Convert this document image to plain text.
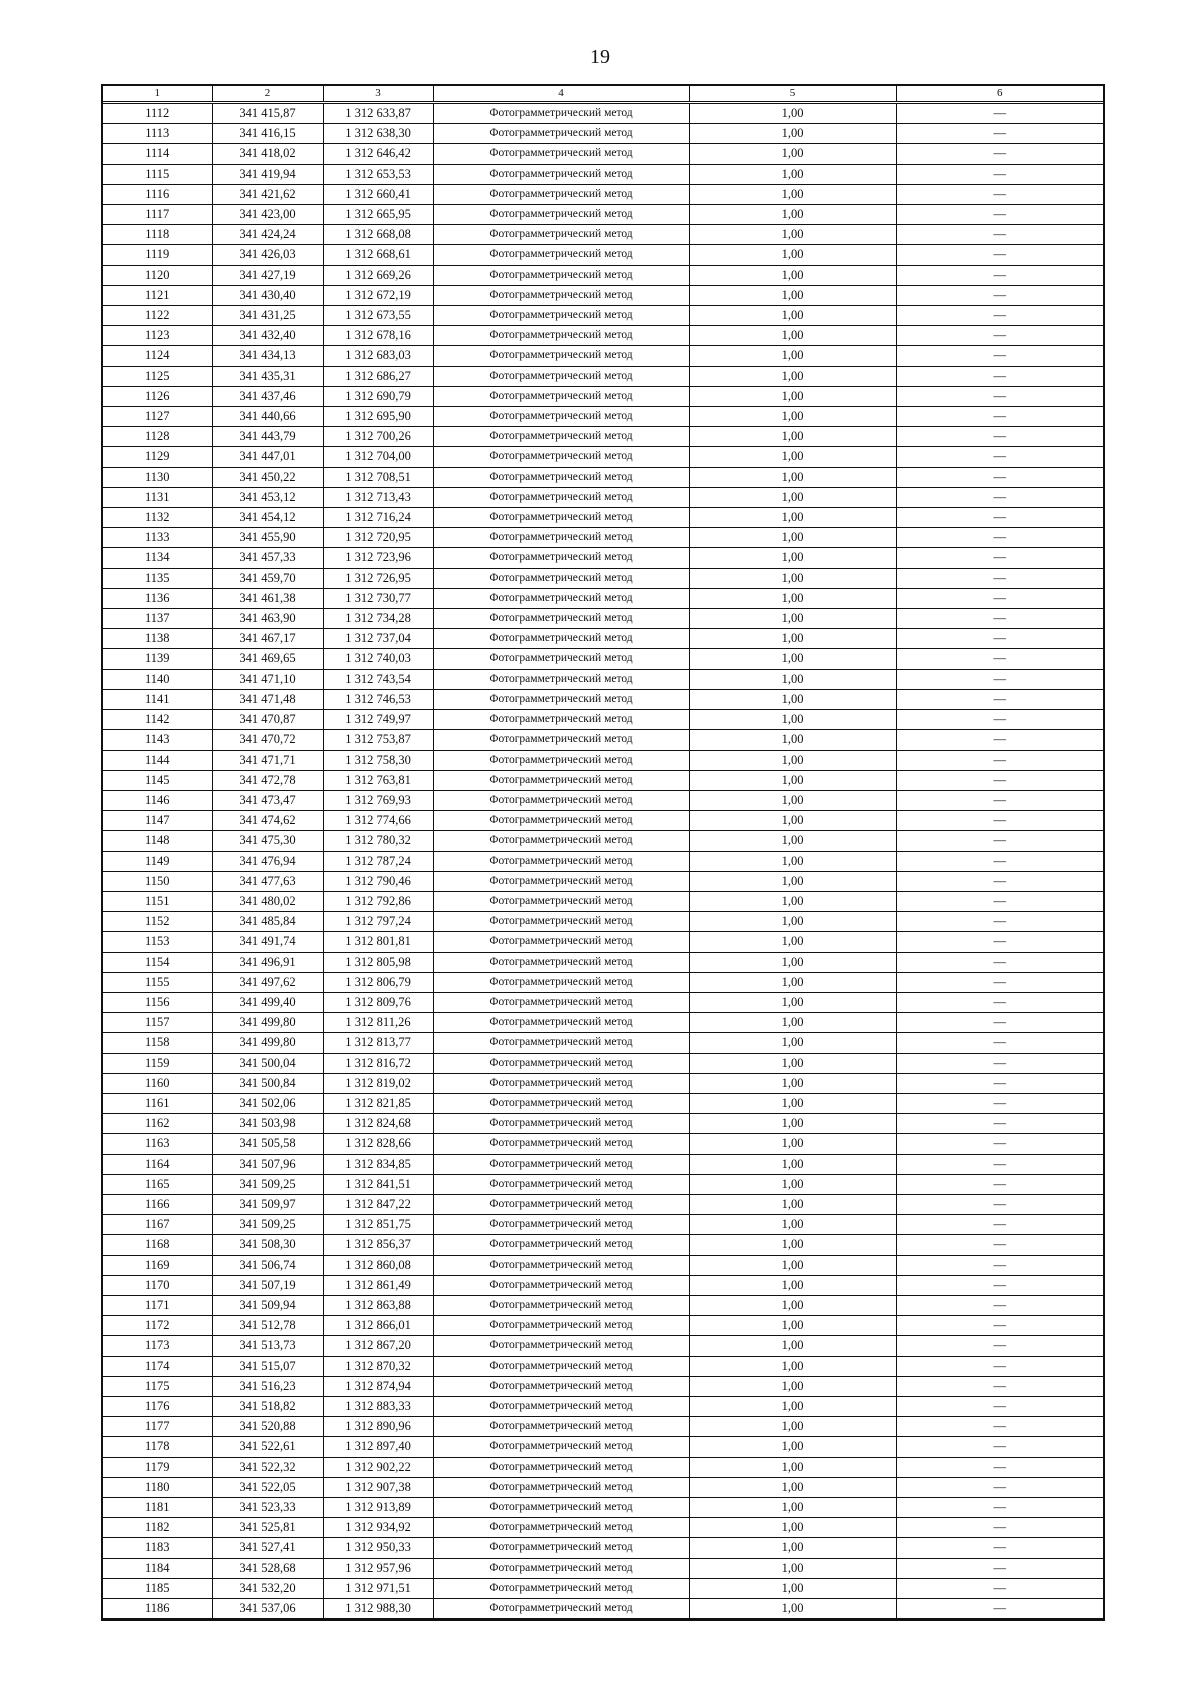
19
1	2	3	4	5	6
1112	341 415,87	1 312 633,87	Фотограмметрический метод	1,00	—
1113	341 416,15	1 312 638,30	Фотограмметрический метод	1,00	—
1114	341 418,02	1 312 646,42	Фотограмметрический метод	1,00	—
1115	341 419,94	1 312 653,53	Фотограмметрический метод	1,00	—
1116	341 421,62	1 312 660,41	Фотограмметрический метод	1,00	—
1117	341 423,00	1 312 665,95	Фотограмметрический метод	1,00	—
1118	341 424,24	1 312 668,08	Фотограмметрический метод	1,00	—
1119	341 426,03	1 312 668,61	Фотограмметрический метод	1,00	—
1120	341 427,19	1 312 669,26	Фотограмметрический метод	1,00	—
1121	341 430,40	1 312 672,19	Фотограмметрический метод	1,00	—
1122	341 431,25	1 312 673,55	Фотограмметрический метод	1,00	—
1123	341 432,40	1 312 678,16	Фотограмметрический метод	1,00	—
1124	341 434,13	1 312 683,03	Фотограмметрический метод	1,00	—
1125	341 435,31	1 312 686,27	Фотограмметрический метод	1,00	—
1126	341 437,46	1 312 690,79	Фотограмметрический метод	1,00	—
1127	341 440,66	1 312 695,90	Фотограмметрический метод	1,00	—
1128	341 443,79	1 312 700,26	Фотограмметрический метод	1,00	—
1129	341 447,01	1 312 704,00	Фотограмметрический метод	1,00	—
1130	341 450,22	1 312 708,51	Фотограмметрический метод	1,00	—
1131	341 453,12	1 312 713,43	Фотограмметрический метод	1,00	—
1132	341 454,12	1 312 716,24	Фотограмметрический метод	1,00	—
1133	341 455,90	1 312 720,95	Фотограмметрический метод	1,00	—
1134	341 457,33	1 312 723,96	Фотограмметрический метод	1,00	—
1135	341 459,70	1 312 726,95	Фотограмметрический метод	1,00	—
1136	341 461,38	1 312 730,77	Фотограмметрический метод	1,00	—
1137	341 463,90	1 312 734,28	Фотограмметрический метод	1,00	—
1138	341 467,17	1 312 737,04	Фотограмметрический метод	1,00	—
1139	341 469,65	1 312 740,03	Фотограмметрический метод	1,00	—
1140	341 471,10	1 312 743,54	Фотограмметрический метод	1,00	—
1141	341 471,48	1 312 746,53	Фотограмметрический метод	1,00	—
1142	341 470,87	1 312 749,97	Фотограмметрический метод	1,00	—
1143	341 470,72	1 312 753,87	Фотограмметрический метод	1,00	—
1144	341 471,71	1 312 758,30	Фотограмметрический метод	1,00	—
1145	341 472,78	1 312 763,81	Фотограмметрический метод	1,00	—
1146	341 473,47	1 312 769,93	Фотограмметрический метод	1,00	—
1147	341 474,62	1 312 774,66	Фотограмметрический метод	1,00	—
1148	341 475,30	1 312 780,32	Фотограмметрический метод	1,00	—
1149	341 476,94	1 312 787,24	Фотограмметрический метод	1,00	—
1150	341 477,63	1 312 790,46	Фотограмметрический метод	1,00	—
1151	341 480,02	1 312 792,86	Фотограмметрический метод	1,00	—
1152	341 485,84	1 312 797,24	Фотограмметрический метод	1,00	—
1153	341 491,74	1 312 801,81	Фотограмметрический метод	1,00	—
1154	341 496,91	1 312 805,98	Фотограмметрический метод	1,00	—
1155	341 497,62	1 312 806,79	Фотограмметрический метод	1,00	—
1156	341 499,40	1 312 809,76	Фотограмметрический метод	1,00	—
1157	341 499,80	1 312 811,26	Фотограмметрический метод	1,00	—
1158	341 499,80	1 312 813,77	Фотограмметрический метод	1,00	—
1159	341 500,04	1 312 816,72	Фотограмметрический метод	1,00	—
1160	341 500,84	1 312 819,02	Фотограмметрический метод	1,00	—
1161	341 502,06	1 312 821,85	Фотограмметрический метод	1,00	—
1162	341 503,98	1 312 824,68	Фотограмметрический метод	1,00	—
1163	341 505,58	1 312 828,66	Фотограмметрический метод	1,00	—
1164	341 507,96	1 312 834,85	Фотограмметрический метод	1,00	—
1165	341 509,25	1 312 841,51	Фотограмметрический метод	1,00	—
1166	341 509,97	1 312 847,22	Фотограмметрический метод	1,00	—
1167	341 509,25	1 312 851,75	Фотограмметрический метод	1,00	—
1168	341 508,30	1 312 856,37	Фотограмметрический метод	1,00	—
1169	341 506,74	1 312 860,08	Фотограмметрический метод	1,00	—
1170	341 507,19	1 312 861,49	Фотограмметрический метод	1,00	—
1171	341 509,94	1 312 863,88	Фотограмметрический метод	1,00	—
1172	341 512,78	1 312 866,01	Фотограмметрический метод	1,00	—
1173	341 513,73	1 312 867,20	Фотограмметрический метод	1,00	—
1174	341 515,07	1 312 870,32	Фотограмметрический метод	1,00	—
1175	341 516,23	1 312 874,94	Фотограмметрический метод	1,00	—
1176	341 518,82	1 312 883,33	Фотограмметрический метод	1,00	—
1177	341 520,88	1 312 890,96	Фотограмметрический метод	1,00	—
1178	341 522,61	1 312 897,40	Фотограмметрический метод	1,00	—
1179	341 522,32	1 312 902,22	Фотограмметрический метод	1,00	—
1180	341 522,05	1 312 907,38	Фотограмметрический метод	1,00	—
1181	341 523,33	1 312 913,89	Фотограмметрический метод	1,00	—
1182	341 525,81	1 312 934,92	Фотограмметрический метод	1,00	—
1183	341 527,41	1 312 950,33	Фотограмметрический метод	1,00	—
1184	341 528,68	1 312 957,96	Фотограмметрический метод	1,00	—
1185	341 532,20	1 312 971,51	Фотограмметрический метод	1,00	—
1186	341 537,06	1 312 988,30	Фотограмметрический метод	1,00	—
